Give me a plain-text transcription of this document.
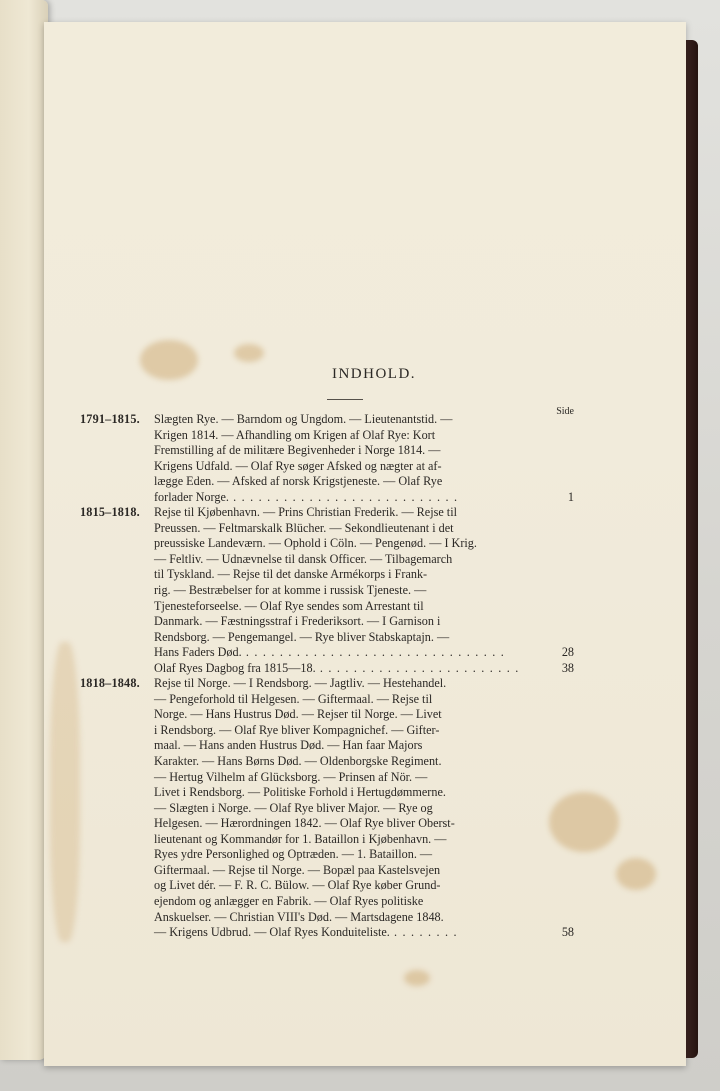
INDHOLD.
Side
1791–1815. Slægten Rye. — Barndom og Ungdom. — Lieutenantstid. —
Krigen 1814. — Afhandling om Krigen af Olaf Rye: Kort
Fremstilling af de militære Begivenheder i Norge 1814. —
Krigens Udfald. — Olaf Rye søger Afsked og nægter at af-
lægge Eden. — Afsked af norsk Krigstjeneste. — Olaf Rye
forlader Norge. . . . . . . . . . . . . . . . . . . . . . . . . . . .	1
1815–1818. Rejse til Kjøbenhavn. — Prins Christian Frederik. — Rejse til
Preussen. — Feltmarskalk Blücher. — Sekondlieutenant i det
preussiske Landeværn. — Ophold i Cöln. — Pengenød. — I Krig.
— Feltliv. — Udnævnelse til dansk Officer. — Tilbagemarch
til Tyskland. — Rejse til det danske Armékorps i Frank-
rig. — Bestræbelser for at komme i russisk Tjeneste. —
Tjenesteforseelse. — Olaf Rye sendes som Arrestant til
Danmark. — Fæstningsstraf i Frederiksort. — I Garnison i
Rendsborg. — Pengemangel. — Rye bliver Stabskaptajn. —
Hans Faders Død. . . . . . . . . . . . . . . . . . . . . . . . . . . . . . . .	28
Olaf Ryes Dagbog fra 1815—18. . . . . . . . . . . . . . . . . . . . . . . . .	38
1818–1848. Rejse til Norge. — I Rendsborg. — Jagtliv. — Hestehandel.
— Pengeforhold til Helgesen. — Giftermaal. — Rejse til
Norge. — Hans Hustrus Død. — Rejser til Norge. — Livet
i Rendsborg. — Olaf Rye bliver Kompagnichef. — Gifter-
maal. — Hans anden Hustrus Død. — Han faar Majors
Karakter. — Hans Børns Død. — Oldenborgske Regiment.
— Hertug Vilhelm af Glücksborg. — Prinsen af Nör. —
Livet i Rendsborg. — Politiske Forhold i Hertugdømmerne.
— Slægten i Norge. — Olaf Rye bliver Major. — Rye og
Helgesen. — Hærordningen 1842. — Olaf Rye bliver Oberst-
lieutenant og Kommandør for 1. Bataillon i Kjøbenhavn. —
Ryes ydre Personlighed og Optræden. — 1. Bataillon. —
Giftermaal. — Rejse til Norge. — Bopæl paa Kastelsvejen
og Livet dér. — F. R. C. Bülow. — Olaf Rye køber Grund-
ejendom og anlægger en Fabrik. — Olaf Ryes politiske
Anskuelser. — Christian VIII's Død. — Martsdagene 1848.
— Krigens Udbrud. — Olaf Ryes Konduiteliste. . . . . . . . .	58
